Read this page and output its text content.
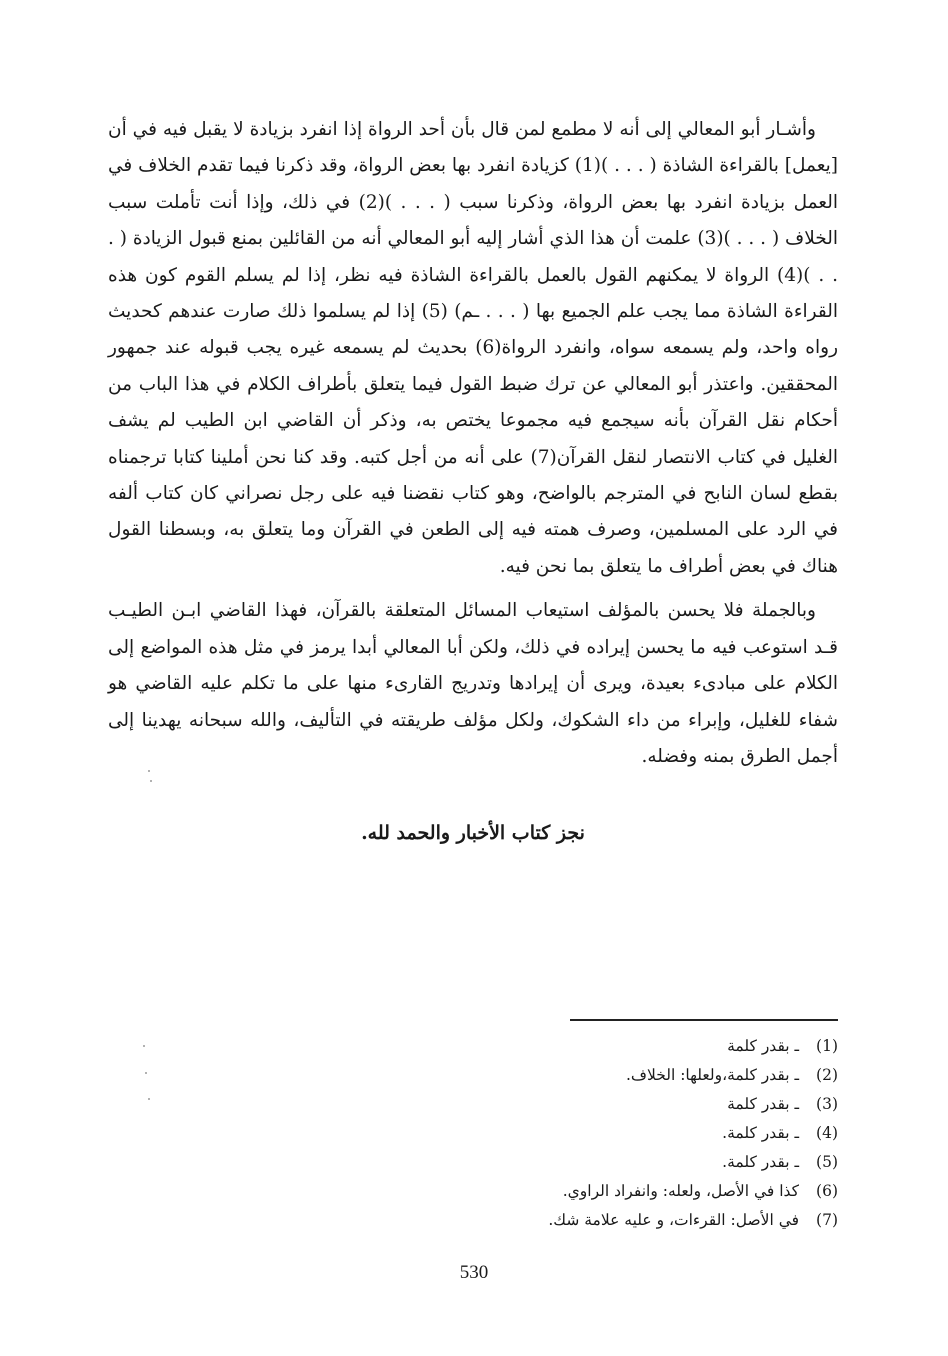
وأشـار أبو المعالي إلى أنه لا مطمع لمن قال بأن أحد الرواة إذا انفرد بزيادة لا يقبل فيه في أن [يعمل] بالقراءة الشاذة ( . . . )(1) كزيادة انفرد بها بعض الرواة، وقد ذكرنا فيما تقدم الخلاف في العمل بزيادة انفرد بها بعض الرواة، وذكرنا سبب ( . . . )(2) في ذلك، وإذا أنت تأملت سبب الخلاف ( . . . )(3) علمت أن هذا الذي أشار إليه أبو المعالي أنه من القائلين بمنع قبول الزيادة ( . . . )(4) الرواة لا يمكنهم القول بالعمل بالقراءة الشاذة فيه نظر، إذا لم يسلم القوم كون هذه القراءة الشاذة مما يجب علم الجميع بها ( . . . ـم) (5) إذا لم يسلموا ذلك صارت عندهم كحديث رواه واحد، ولم يسمعه سواه، وانفرد الرواة(6) بحديث لم يسمعه غيره يجب قبوله عند جمهور المحققين. واعتذر أبو المعالي عن ترك ضبط القول فيما يتعلق بأطراف الكلام في هذا الباب من أحكام نقل القرآن بأنه سيجمع فيه مجموعا يختص به، وذكر أن القاضي ابن الطيب لم يشف الغليل في كتاب الانتصار لنقل القرآن(7) على أنه من أجل كتبه. وقد كنا نحن أملينا كتابا ترجمناه بقطع لسان النابح في المترجم بالواضح، وهو كتاب نقضنا فيه على رجل نصراني كان كتاب ألفه في الرد على المسلمين، وصرف همته فيه إلى الطعن في القرآن وما يتعلق به، وبسطنا القول هناك في بعض أطراف ما يتعلق بما نحن فيه.

وبالجملة فلا يحسن بالمؤلف استيعاب المسائل المتعلقة بالقرآن، فهذا القاضي ابـن الطيـب قـد استوعب فيه ما يحسن إيراده في ذلك، ولكن أبا المعالي أبدا يرمز في مثل هذه المواضع إلى الكلام على مبادىء بعيدة، ويرى أن إيرادها وتدريج القارىء منها على ما تكلم عليه القاضي هو شفاء للغليل، وإبراء من داء الشكوك، ولكل مؤلف طريقته في التأليف، والله سبحانه يهدينا إلى أجمل الطرق بمنه وفضله.

نجز كتاب الأخبار والحمد لله.
(1) ـ بقدر كلمة
(2) ـ بقدر كلمة،ولعلها: الخلاف.
(3) ـ بقدر كلمة
(4) ـ بقدر كلمة.
(5) ـ بقدر كلمة.
(6) كذا في الأصل، ولعله: وانفراد الراوي.
(7) في الأصل: القرءات، و عليه علامة شك.
530
